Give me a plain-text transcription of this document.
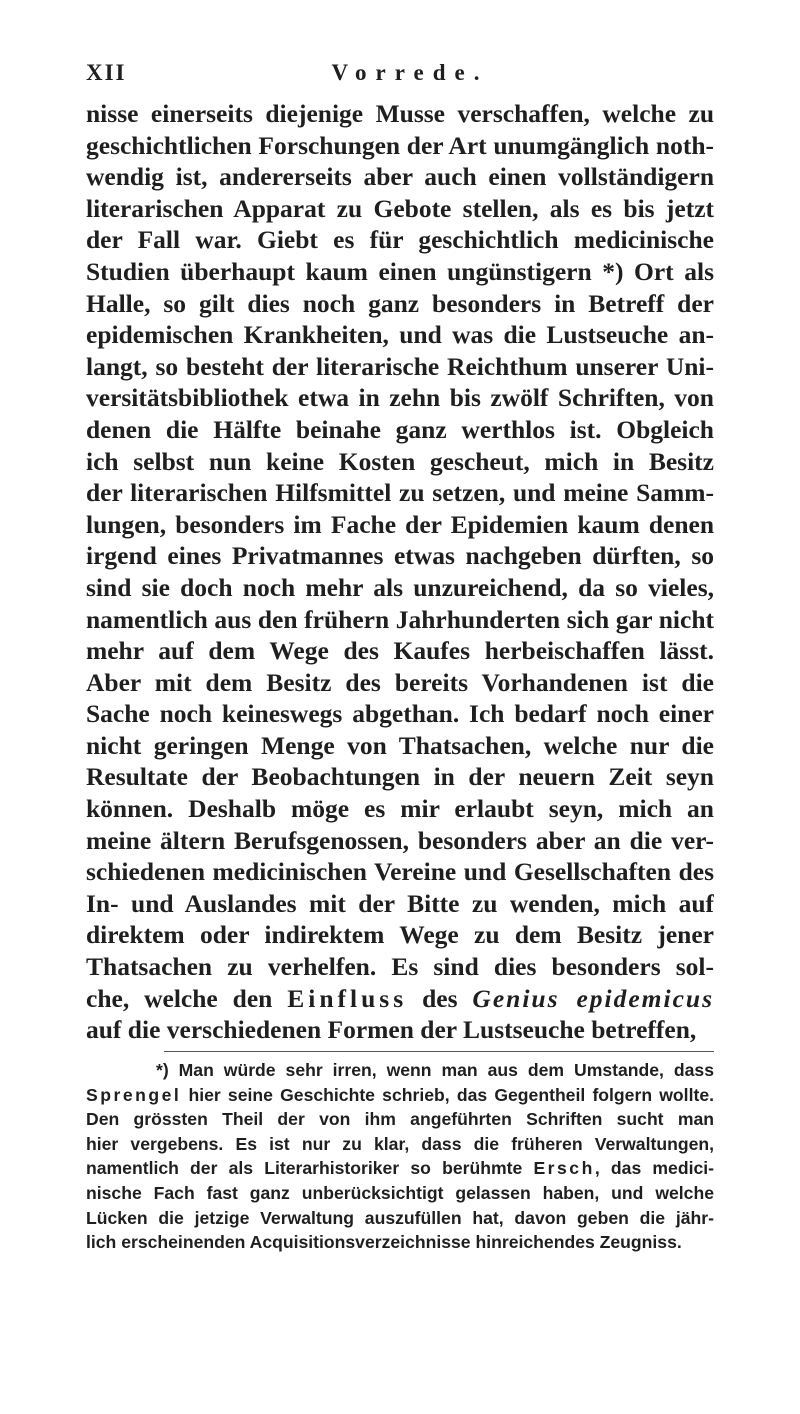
XII	Vorrede.
nisse einerseits diejenige Musse verschaffen, welche zu
geschichtlichen Forschungen der Art unumgänglich noth-
wendig ist, andererseits aber auch einen vollständigern
literarischen Apparat zu Gebote stellen, als es bis jetzt
der Fall war. Giebt es für geschichtlich medicinische
Studien überhaupt kaum einen ungünstigern *) Ort als
Halle, so gilt dies noch ganz besonders in Betreff der
epidemischen Krankheiten, und was die Lustseuche an-
langt, so besteht der literarische Reichthum unserer Uni-
versitätsbibliothek etwa in zehn bis zwölf Schriften, von
denen die Hälfte beinahe ganz werthlos ist. Obgleich
ich selbst nun keine Kosten gescheut, mich in Besitz
der literarischen Hilfsmittel zu setzen, und meine Samm-
lungen, besonders im Fache der Epidemien kaum denen
irgend eines Privatmannes etwas nachgeben dürften, so
sind sie doch noch mehr als unzureichend, da so vieles,
namentlich aus den frühern Jahrhunderten sich gar nicht
mehr auf dem Wege des Kaufes herbeischaffen lässt.
Aber mit dem Besitz des bereits Vorhandenen ist die
Sache noch keineswegs abgethan. Ich bedarf noch einer
nicht geringen Menge von Thatsachen, welche nur die
Resultate der Beobachtungen in der neuern Zeit seyn
können. Deshalb möge es mir erlaubt seyn, mich an
meine ältern Berufsgenossen, besonders aber an die ver-
schiedenen medicinischen Vereine und Gesellschaften des
In- und Auslandes mit der Bitte zu wenden, mich auf
direktem oder indirektem Wege zu dem Besitz jener
Thatsachen zu verhelfen. Es sind dies besonders sol-
che, welche den Einfluss des Genius epidemicus
auf die verschiedenen Formen der Lustseuche betreffen,
*) Man würde sehr irren, wenn man aus dem Umstande, dass
Sprengel hier seine Geschichte schrieb, das Gegentheil folgern wollte.
Den grössten Theil der von ihm angeführten Schriften sucht man
hier vergebens. Es ist nur zu klar, dass die früheren Verwaltungen,
namentlich der als Literarhistoriker so berühmte Ersch, das medici-
nische Fach fast ganz unberücksichtigt gelassen haben, und welche
Lücken die jetzige Verwaltung auszufüllen hat, davon geben die jähr-
lich erscheinenden Acquisitionsverzeichnisse hinreichendes Zeugniss.
